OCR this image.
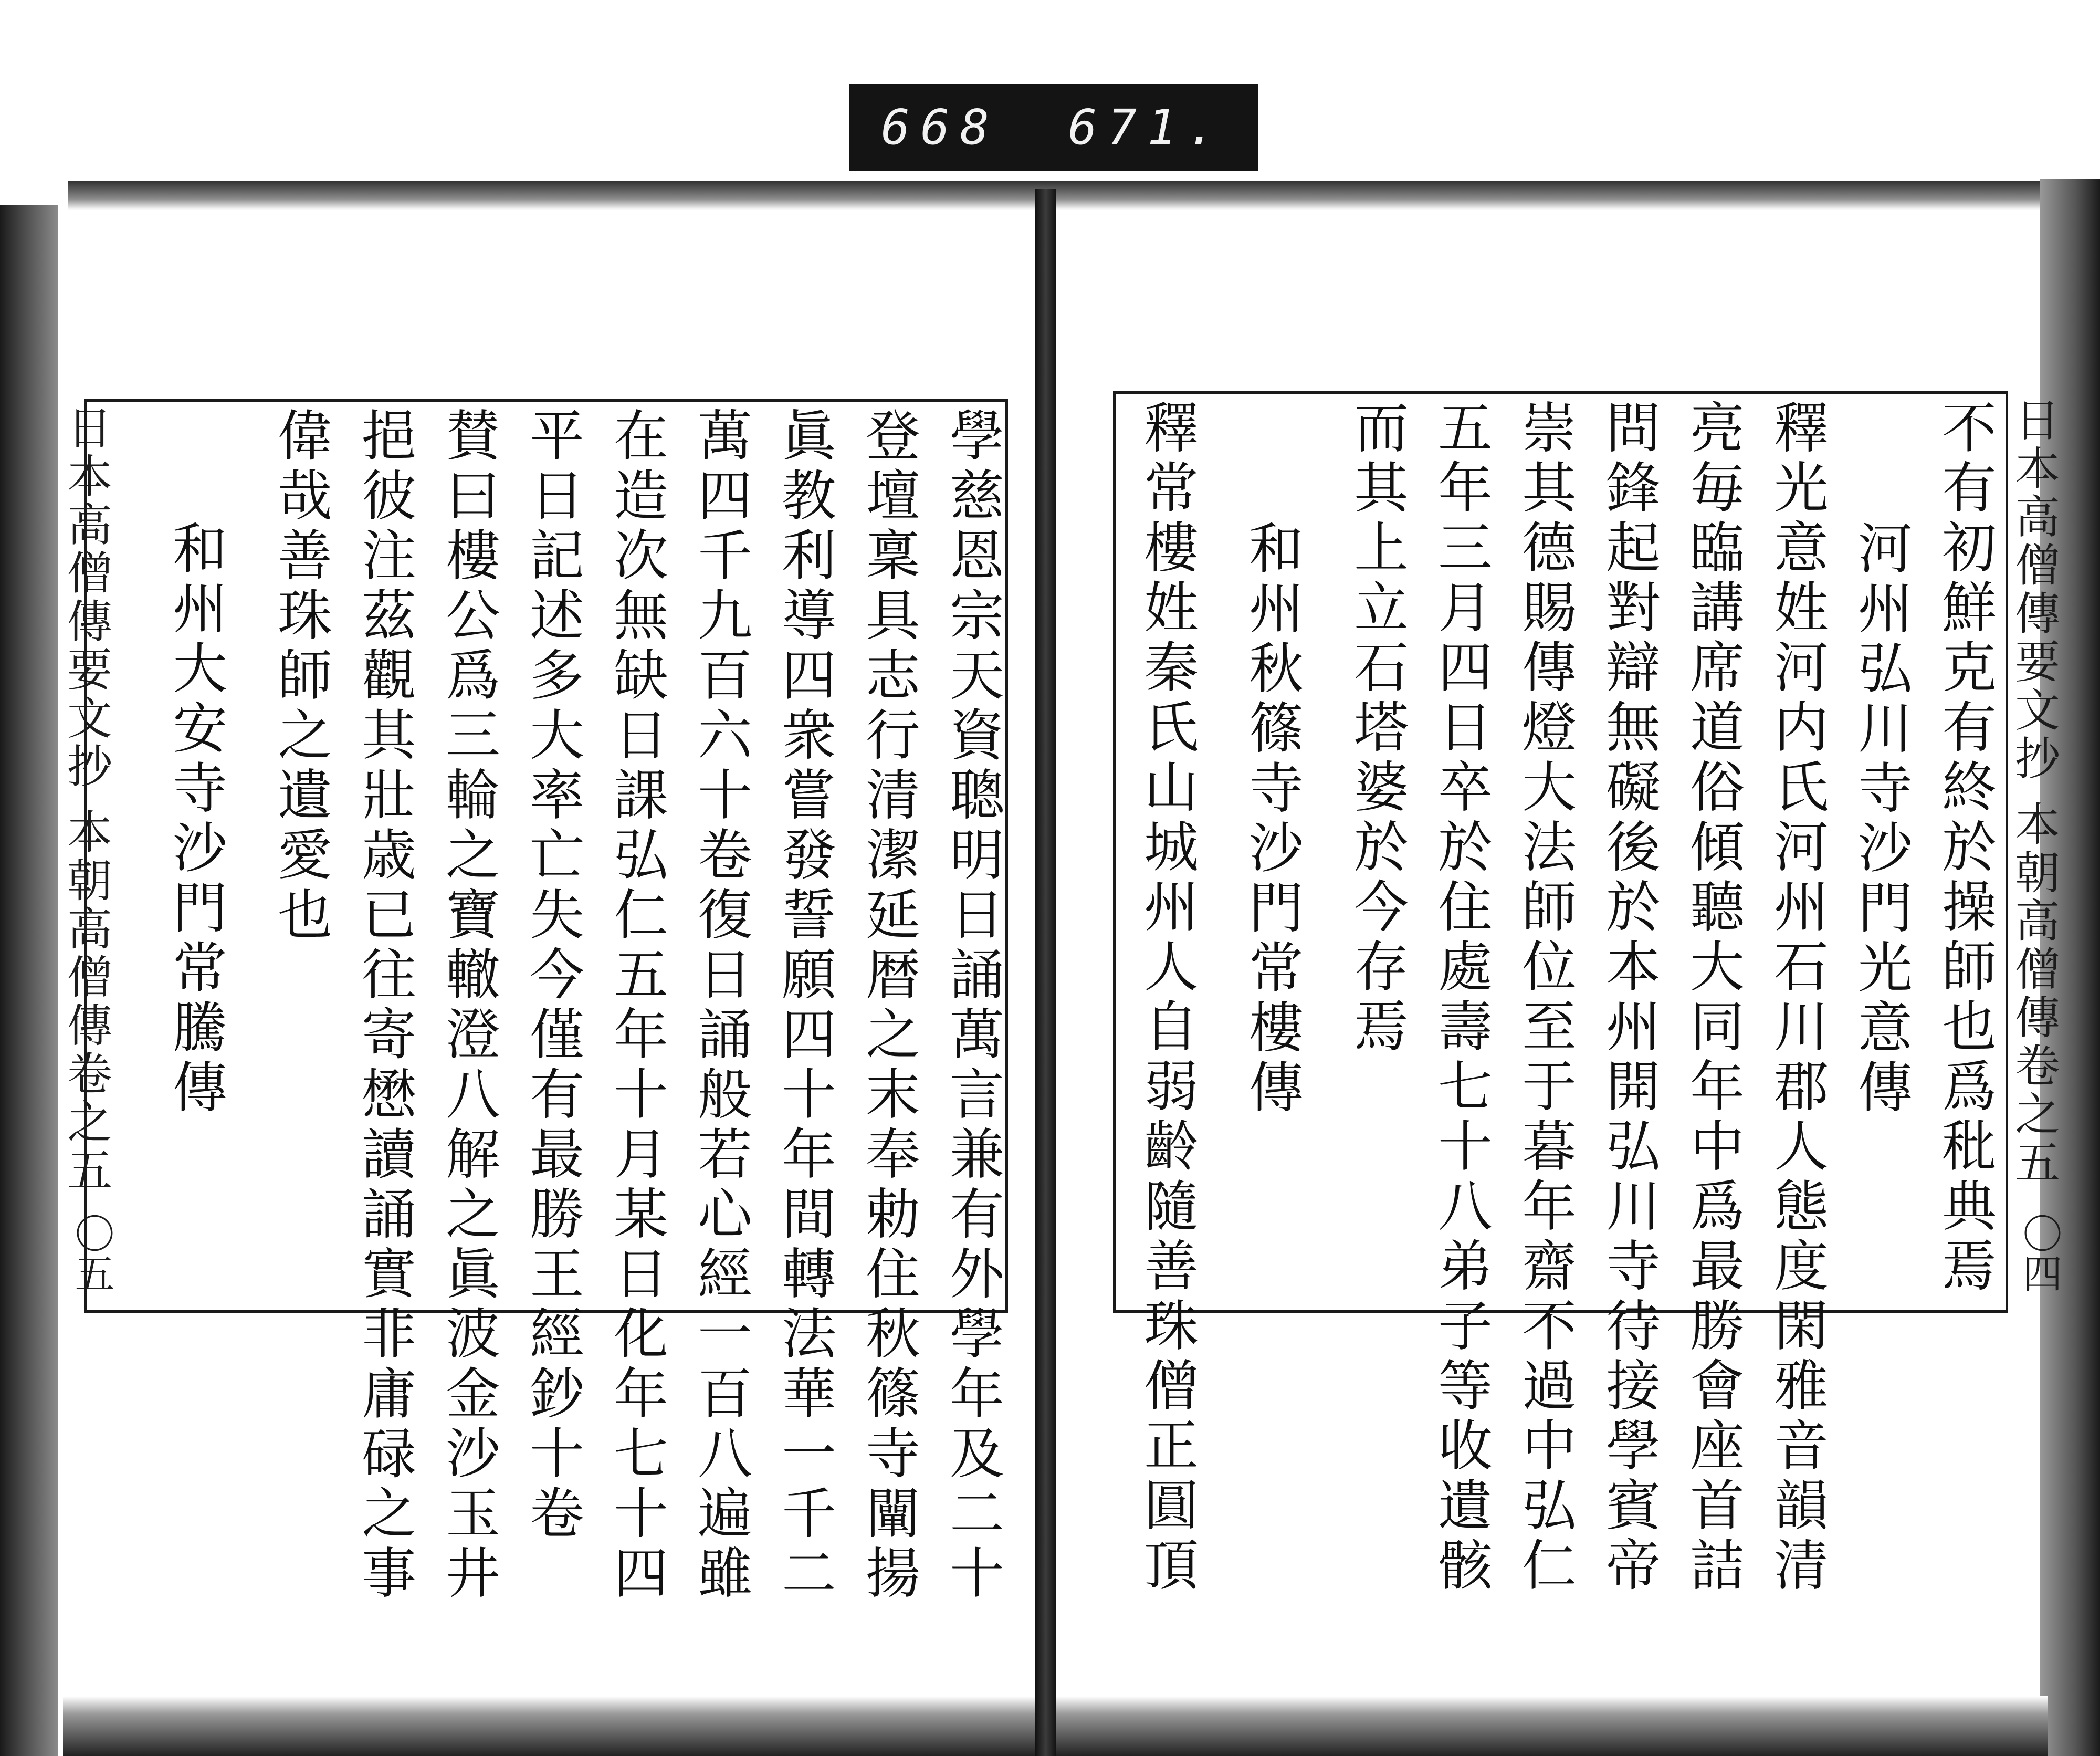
668 671.
日本高僧傳要文抄 本朝高僧傳卷之五
〇五	學慈恩宗天資聰明日誦萬言兼有外學年及二十
登壇稟具志行清潔延暦之末奉勅住秋篠寺闡揚
眞教利導四衆嘗發誓願四十年間轉法華一千二
萬四千九百六十卷復日誦般若心經一百八遍雖
在造次無缺日課弘仁五年十月某日化年七十四
平日記述多大率亡失今僅有最勝王經鈔十卷
賛曰樓公爲三輪之寶轍澄八解之眞波金沙玉井
挹彼注茲觀其壯歳已往寄懋讀誦實非庸碌之事
偉哉善珠師之遺愛也
和州大安寺沙門常騰傳	日本高僧傳要文抄 本朝高僧傳卷之五
〇四
不有初鮮克有終於操師也爲秕典焉
河州弘川寺沙門光意傳
釋光意姓河内氏河州石川郡人態度閑雅音韻清
亮毎臨講席道俗傾聽大同年中爲最勝會座首詰
問鋒起對辯無礙後於本州開弘川寺待接學賓帝
崇其德賜傳燈大法師位至于暮年齋不過中弘仁
五年三月四日卒於住處壽七十八弟子等收遺骸
而其上立石塔婆於今存焉
和州秋篠寺沙門常樓傳
釋常樓姓秦氏山城州人自弱齡隨善珠僧正圓頂
